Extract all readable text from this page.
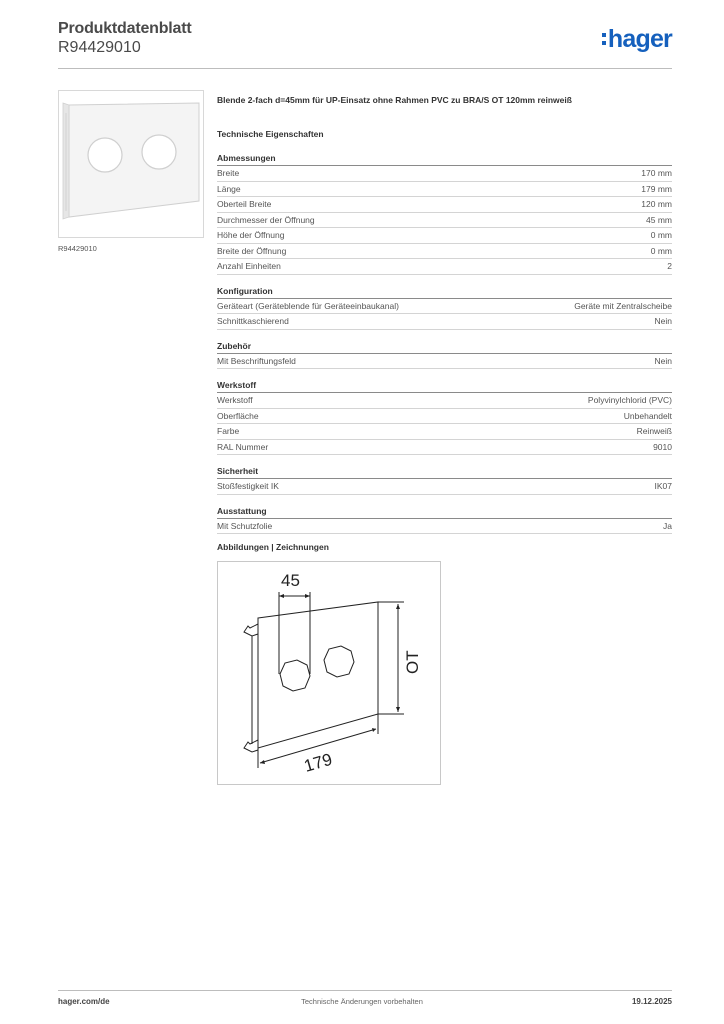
Produktdatenblatt
R94429010	hager
R94429010
Blende 2-fach d=45mm für UP-Einsatz ohne Rahmen PVC zu BRA/S OT 120mm reinweiß
Technische Eigenschaften
Abmessungen
Breite	170 mm
Länge	179 mm
Oberteil Breite	120 mm
Durchmesser der Öffnung	45 mm
Höhe der Öffnung	0 mm
Breite der Öffnung	0 mm
Anzahl Einheiten	2
Konfiguration
Geräteart (Geräteblende für Geräteeinbaukanal)	Geräte mit Zentralscheibe
Schnittkaschierend	Nein
Zubehör
Mit Beschriftungsfeld	Nein
Werkstoff
Werkstoff	Polyvinylchlorid (PVC)
Oberfläche	Unbehandelt
Farbe	Reinweiß
RAL Nummer	9010
Sicherheit
Stoßfestigkeit IK	IK07
Ausstattung
Mit Schutzfolie	Ja
Abbildungen | Zeichnungen
45
OT
179
hager.com/de	Technische Änderungen vorbehalten	19.12.2025
